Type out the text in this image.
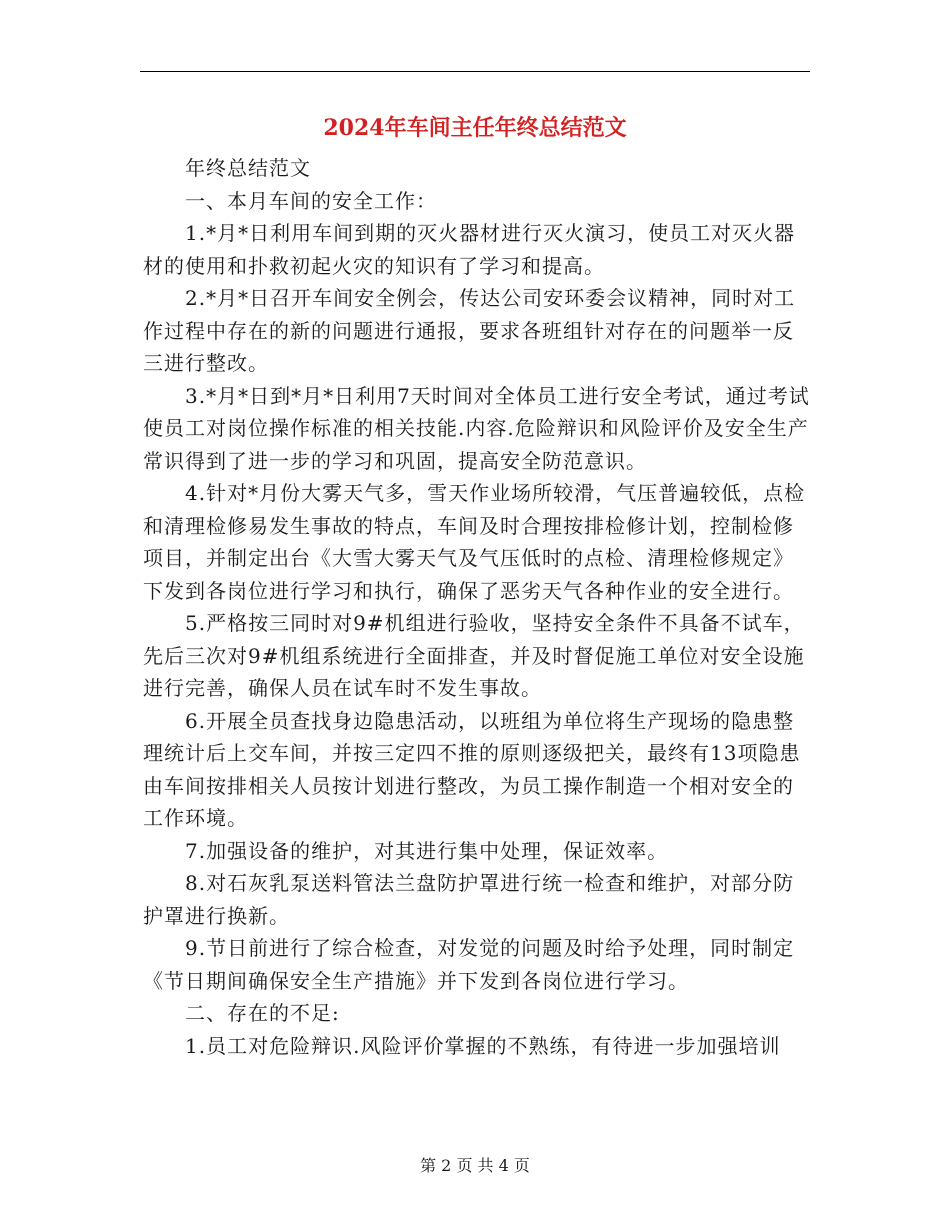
2024年车间主任年终总结范文

年终总结范文

一、本月车间的安全工作：

1.*月*日利用车间到期的灭火器材进行灭火演习，使员工对灭火器材的使用和扑救初起火灾的知识有了学习和提高。

2.*月*日召开车间安全例会，传达公司安环委会议精神，同时对工作过程中存在的新的问题进行通报，要求各班组针对存在的问题举一反三进行整改。

3.*月*日到*月*日利用7天时间对全体员工进行安全考试，通过考试使员工对岗位操作标准的相关技能.内容.危险辩识和风险评价及安全生产常识得到了进一步的学习和巩固，提高安全防范意识。

4.针对*月份大雾天气多，雪天作业场所较滑，气压普遍较低，点检和清理检修易发生事故的特点，车间及时合理按排检修计划，控制检修项目，并制定出台《大雪大雾天气及气压低时的点检、清理检修规定》下发到各岗位进行学习和执行，确保了恶劣天气各种作业的安全进行。

5.严格按三同时对9#机组进行验收，坚持安全条件不具备不试车，先后三次对9#机组系统进行全面排查，并及时督促施工单位对安全设施进行完善，确保人员在试车时不发生事故。

6.开展全员查找身边隐患活动，以班组为单位将生产现场的隐患整理统计后上交车间，并按三定四不推的原则逐级把关，最终有13项隐患由车间按排相关人员按计划进行整改，为员工操作制造一个相对安全的工作环境。

7.加强设备的维护，对其进行集中处理，保证效率。

8.对石灰乳泵送料管法兰盘防护罩进行统一检查和维护，对部分防护罩进行换新。

9.节日前进行了综合检查，对发觉的问题及时给予处理，同时制定《节日期间确保安全生产措施》并下发到各岗位进行学习。

二、存在的不足:

1.员工对危险辩识.风险评价掌握的不熟练，有待进一步加强培训

第 2 页 共 4 页
